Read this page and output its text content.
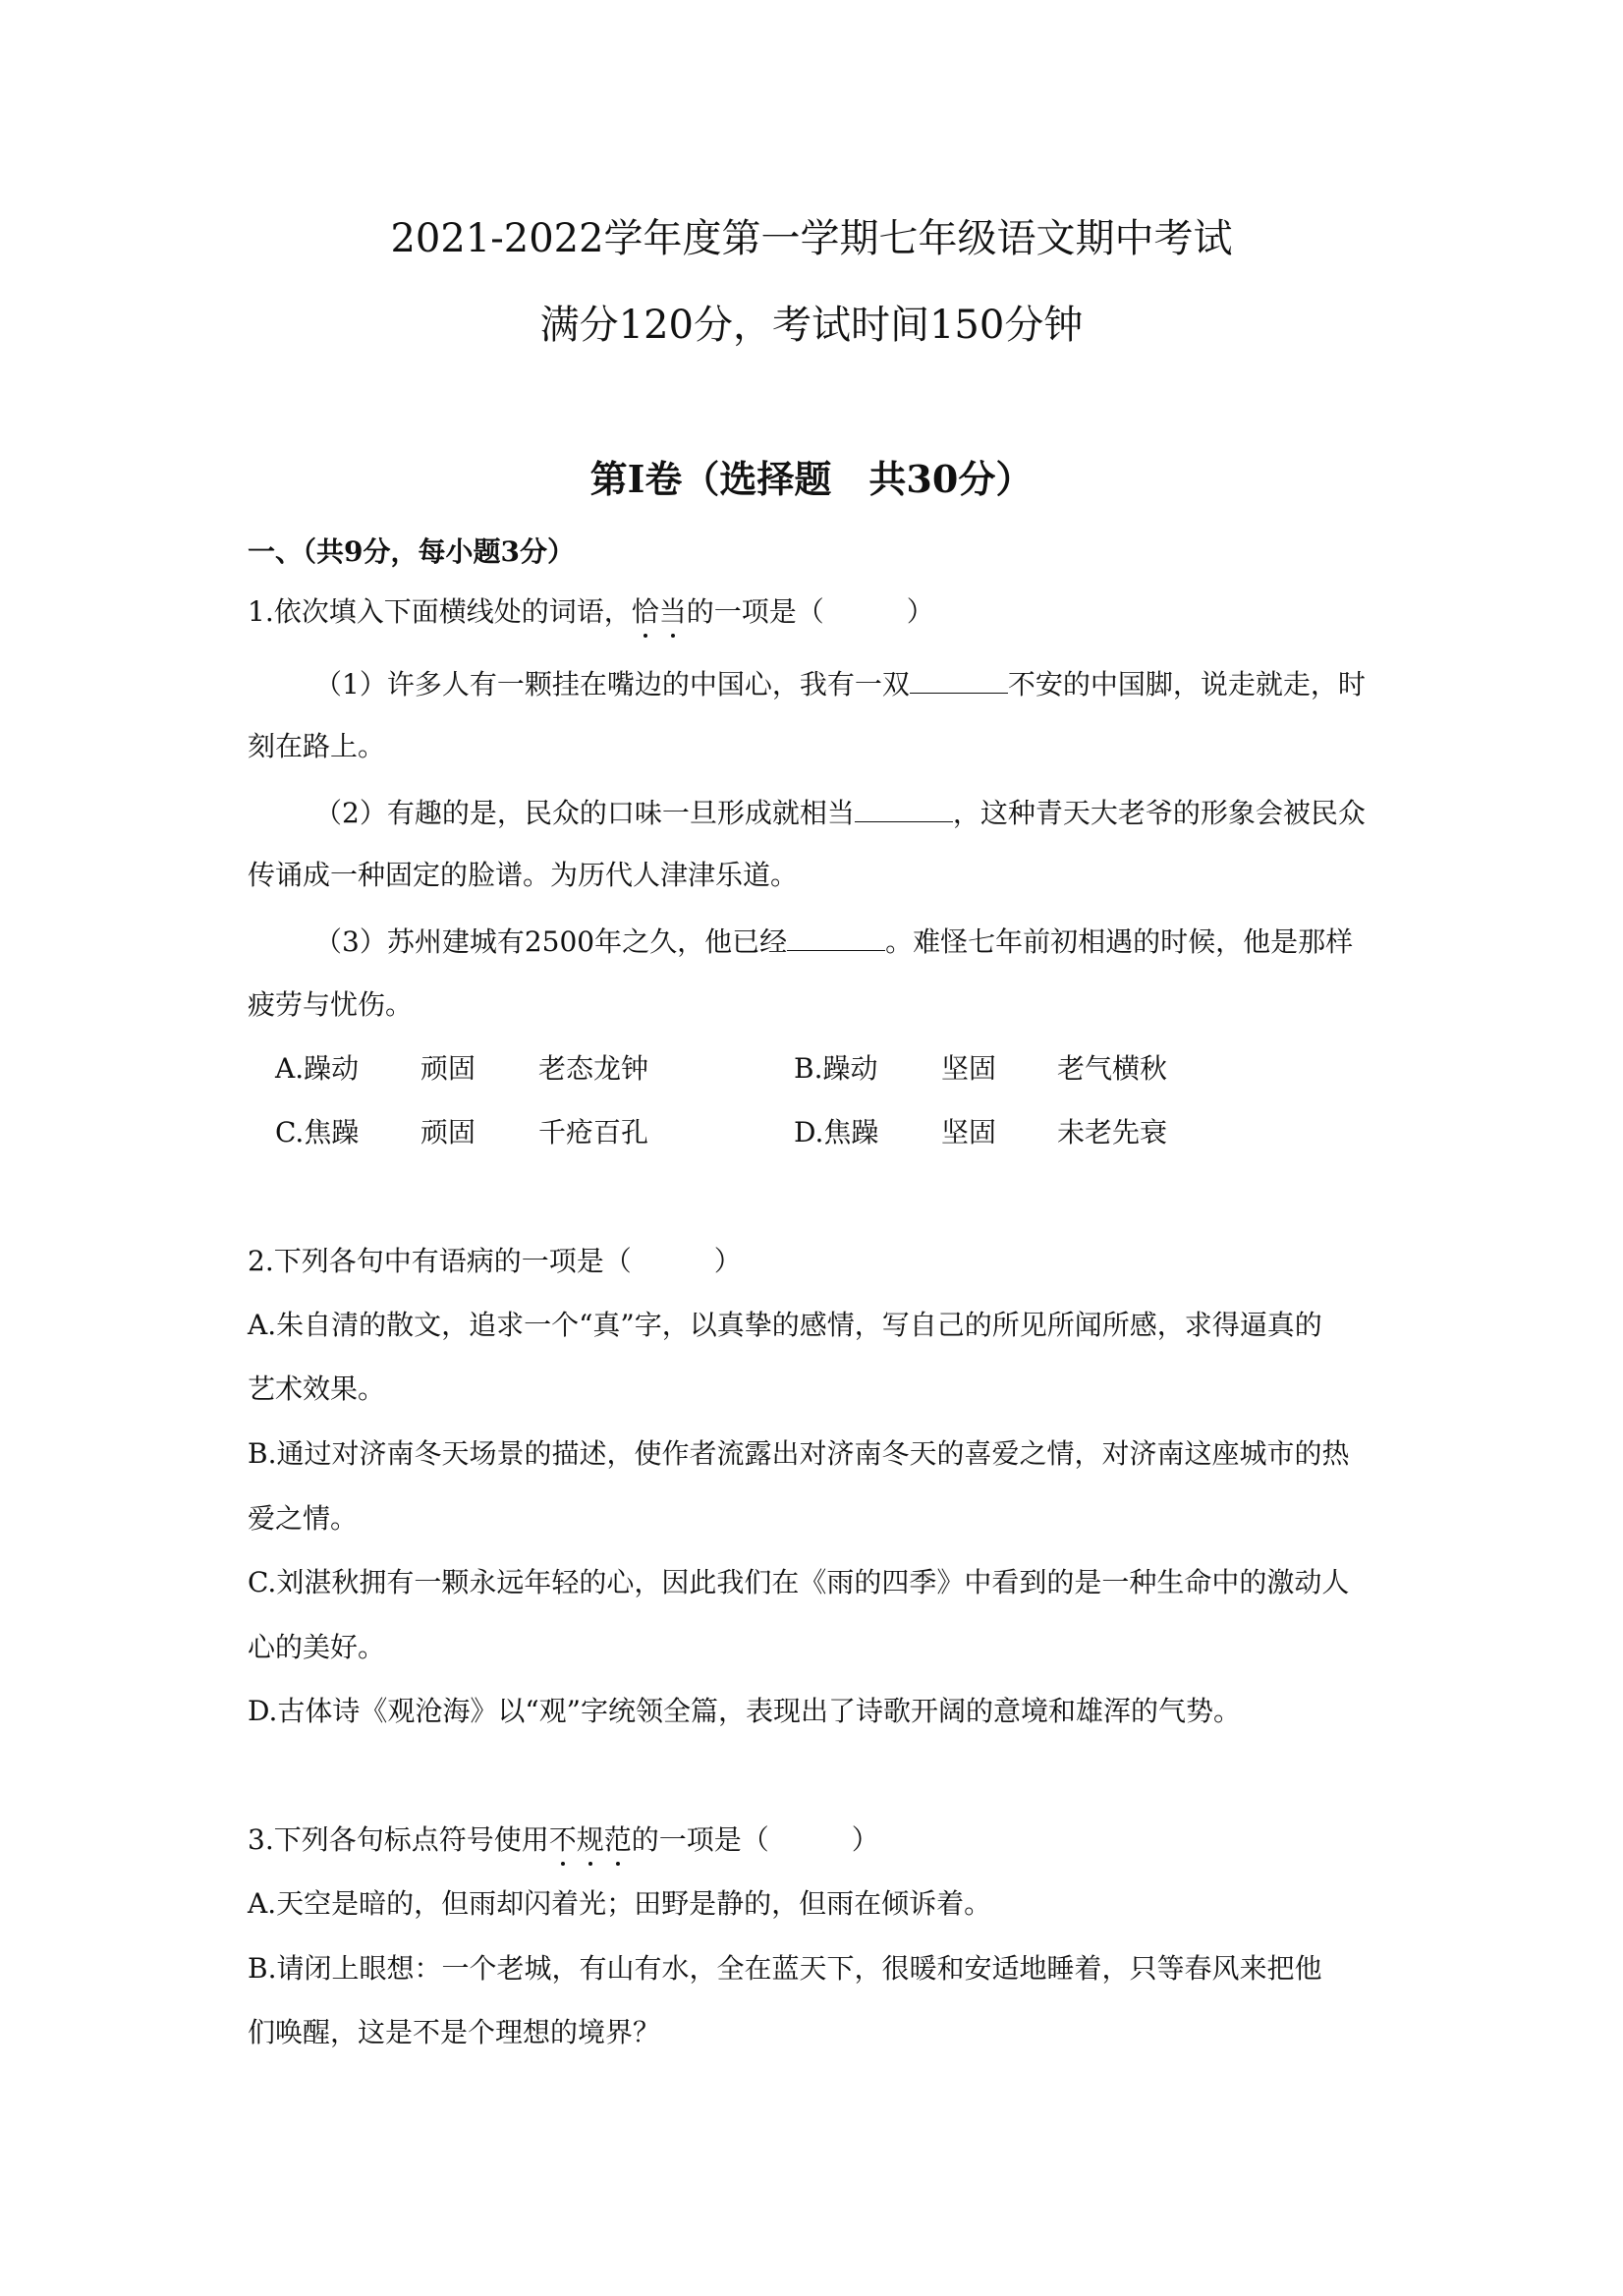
2021-2022学年度第一学期七年级语文期中考试
满分120分，考试时间150分钟
第Ⅰ卷（选择题　共30分）
一、（共9分，每小题3分）
1.依次填入下面横线处的词语，恰当的一项是（　　　）
（1）许多人有一颗挂在嘴边的中国心，我有一双	不安的中国脚，说走就走，时
刻在路上。
（2）有趣的是，民众的口味一旦形成就相当	，这种青天大老爷的形象会被民众
传诵成一种固定的脸谱。为历代人津津乐道。
（3）苏州建城有2500年之久，他已经	。难怪七年前初相遇的时候，他是那样
疲劳与忧伤。
A.躁动 顽固 老态龙钟	B.躁动 坚固 老气横秋
C.焦躁 顽固 千疮百孔	D.焦躁 坚固 未老先衰
2.下列各句中有语病的一项是（　　　）
A.朱自清的散文，追求一个“真”字，以真挚的感情，写自己的所见所闻所感，求得逼真的
艺术效果。
B.通过对济南冬天场景的描述，使作者流露出对济南冬天的喜爱之情，对济南这座城市的热
爱之情。
C.刘湛秋拥有一颗永远年轻的心，因此我们在《雨的四季》中看到的是一种生命中的激动人
心的美好。
D.古体诗《观沧海》以“观”字统领全篇，表现出了诗歌开阔的意境和雄浑的气势。
3.下列各句标点符号使用不规范的一项是（　　　）
A.天空是暗的，但雨却闪着光；田野是静的，但雨在倾诉着。
B.请闭上眼想：一个老城，有山有水，全在蓝天下，很暖和安适地睡着，只等春风来把他
们唤醒，这是不是个理想的境界？
